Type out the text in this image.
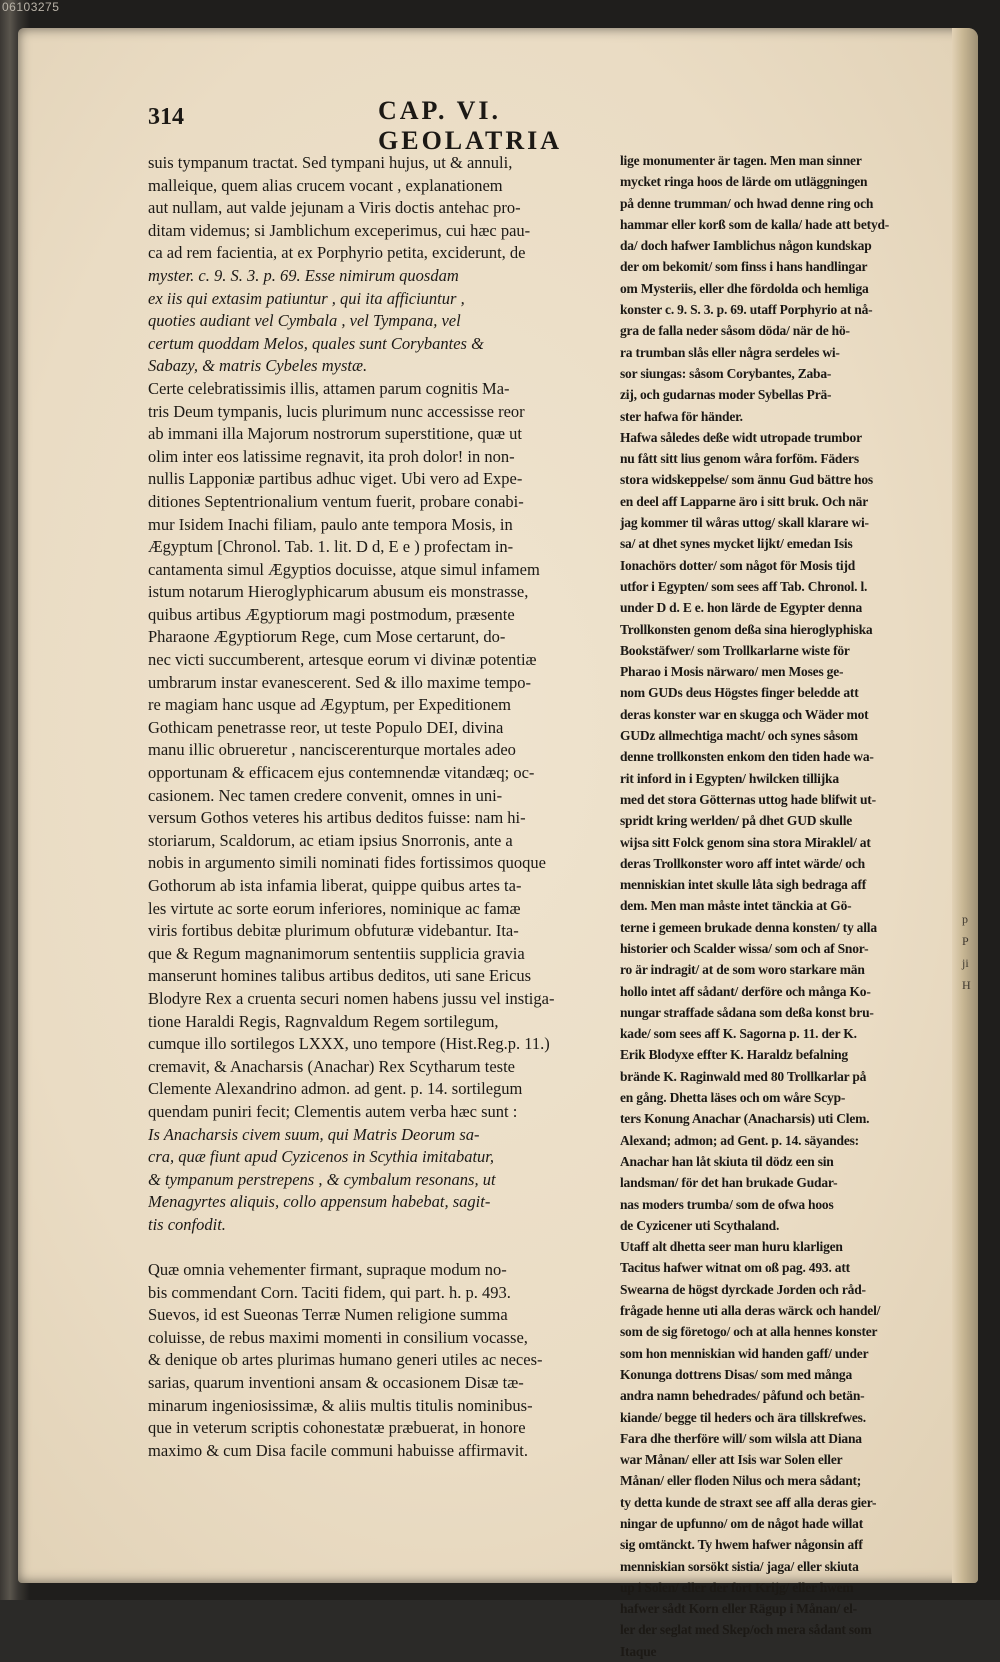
06103275
p
P
ji
H
314	CAP. VI. GEOLATRIA
suis tympanum tractat. Sed tympani hujus, ut & annuli,
malleique, quem alias crucem vocant , explanationem
aut nullam, aut valde jejunam a Viris doctis antehac pro-
ditam videmus; si Jamblichum exceperimus, cui hæc pau-
ca ad rem facientia, at ex Porphyrio petita, exciderunt, de
myster. c. 9. S. 3. p. 69. Esse nimirum quosdam
ex iis qui extasim patiuntur , qui ita afficiuntur ,
quoties audiant vel Cymbala , vel Tympana, vel
certum quoddam Melos, quales sunt Corybantes &
Sabazy, & matris Cybeles mystæ.
Certe celebratissimis illis, attamen parum cognitis Ma-
tris Deum tympanis, lucis plurimum nunc accessisse reor
ab immani illa Majorum nostrorum superstitione, quæ ut
olim inter eos latissime regnavit, ita proh dolor! in non-
nullis Lapponiæ partibus adhuc viget. Ubi vero ad Expe-
ditiones Septentrionalium ventum fuerit, probare conabi-
mur Isidem Inachi filiam, paulo ante tempora Mosis, in
Ægyptum [Chronol. Tab. 1. lit. D d, E e ) profectam in-
cantamenta simul Ægyptios docuisse, atque simul infamem
istum notarum Hieroglyphicarum abusum eis monstrasse,
quibus artibus Ægyptiorum magi postmodum, præsente
Pharaone Ægyptiorum Rege, cum Mose certarunt, do-
nec victi succumberent, artesque eorum vi divinæ potentiæ
umbrarum instar evanescerent. Sed & illo maxime tempo-
re magiam hanc usque ad Ægyptum, per Expeditionem
Gothicam penetrasse reor, ut teste Populo DEI, divina
manu illic obrueretur , nanciscerenturque mortales adeo
opportunam & efficacem ejus contemnendæ vitandæq; oc-
casionem. Nec tamen credere convenit, omnes in uni-
versum Gothos veteres his artibus deditos fuisse: nam hi-
storiarum, Scaldorum, ac etiam ipsius Snorronis, ante a
nobis in argumento simili nominati fides fortissimos quoque
Gothorum ab ista infamia liberat, quippe quibus artes ta-
les virtute ac sorte eorum inferiores, nominique ac famæ
viris fortibus debitæ plurimum obfuturæ videbantur. Ita-
que & Regum magnanimorum sententiis supplicia gravia
manserunt homines talibus artibus deditos, uti sane Ericus
Blodyre Rex a cruenta securi nomen habens jussu vel instiga-
tione Haraldi Regis, Ragnvaldum Regem sortilegum,
cumque illo sortilegos LXXX, uno tempore (Hist.Reg.p. 11.)
cremavit, & Anacharsis (Anachar) Rex Scytharum teste
Clemente Alexandrino admon. ad gent. p. 14. sortilegum
quendam puniri fecit; Clementis autem verba hæc sunt :
Is Anacharsis civem suum, qui Matris Deorum sa-
cra, quæ fiunt apud Cyzicenos in Scythia imitabatur,
& tympanum perstrepens , & cymbalum resonans, ut
Menagyrtes aliquis, collo appensum habebat, sagit-
tis confodit.
Quæ omnia vehementer firmant, supraque modum no-
bis commendant Corn. Taciti fidem, qui part. h. p. 493.
Suevos, id est Sueonas Terræ Numen religione summa
coluisse, de rebus maximi momenti in consilium vocasse,
& denique ob artes plurimas humano generi utiles ac neces-
sarias, quarum inventioni ansam & occasionem Disæ tæ-
minarum ingeniosissimæ, & aliis multis titulis nominibus-
que in veterum scriptis cohonestatæ præbuerat, in honore
maximo & cum Disa facile communi habuisse affirmavit.
lige monumenter är tagen. Men man sinner
mycket ringa hoos de lärde om utläggningen
på denne trumman/ och hwad denne ring och
hammar eller korß som de kalla/ hade att betyd-
da/ doch hafwer Iamblichus någon kundskap
der om bekomit/ som finss i hans handlingar
om Mysteriis, eller dhe fördolda och hemliga
konster c. 9. S. 3. p. 69. utaff Porphyrio at nå-
gra de falla neder såsom döda/ när de hö-
ra trumban slås eller några serdeles wi-
sor siungas: såsom Corybantes, Zaba-
zij, och gudarnas moder Sybellas Prä-
ster hafwa för händer.
Hafwa således deße widt utropade trumbor
nu fått sitt lius genom wåra forföm. Fäders
stora widskeppelse/ som ännu Gud bättre hos
en deel aff Lapparne äro i sitt bruk. Och när
jag kommer til wåras uttog/ skall klarare wi-
sa/ at dhet synes mycket lijkt/ emedan Isis
Ionachörs dotter/ som något för Mosis tijd
utfor i Egypten/ som sees aff Tab. Chronol. l.
under D d. E e. hon lärde de Egypter denna
Trollkonsten genom deßa sina hieroglyphiska
Bookstäfwer/ som Trollkarlarne wiste för
Pharao i Mosis närwaro/ men Moses ge-
nom GUDs deus Högstes finger beledde att
deras konster war en skugga och Wäder mot
GUDz allmechtiga macht/ och synes såsom
denne trollkonsten enkom den tiden hade wa-
rit inford in i Egypten/ hwilcken tillijka
med det stora Götternas uttog hade blifwit ut-
spridt kring werlden/ på dhet GUD skulle
wijsa sitt Folck genom sina stora Miraklel/ at
deras Trollkonster woro aff intet wärde/ och
menniskian intet skulle låta sigh bedraga aff
dem. Men man måste intet tänckia at Gö-
terne i gemeen brukade denna konsten/ ty alla
historier och Scalder wissa/ som och af Snor-
ro är indragit/ at de som woro starkare män
hollo intet aff sådant/ derföre och många Ko-
nungar straffade sådana som deßa konst bru-
kade/ som sees aff K. Sagorna p. 11. der K.
Erik Blodyxe effter K. Haraldz befalning
brände K. Raginwald med 80 Trollkarlar på
en gång. Dhetta läses och om wåre Scyp-
ters Konung Anachar (Anacharsis) uti Clem.
Alexand; admon; ad Gent. p. 14. säyandes:
Anachar han låt skiuta til dödz een sin
landsman/ för det han brukade Gudar-
nas moders trumba/ som de ofwa hoos
de Cyzicener uti Scythaland.
Utaff alt dhetta seer man huru klarligen
Tacitus hafwer witnat om oß pag. 493. att
Swearna de högst dyrckade Jorden och råd-
frågade henne uti alla deras wärck och handel/
som de sig företogo/ och at alla hennes konster
som hon menniskian wid handen gaff/ under
Konunga dottrens Disas/ som med många
andra namn behedrades/ påfund och betän-
kiande/ begge til heders och ära tillskrefwes.
Fara dhe therföre will/ som wilsla att Diana
war Månan/ eller att Isis war Solen eller
Månan/ eller floden Nilus och mera sådant;
ty detta kunde de straxt see aff alla deras gier-
ningar de upfunno/ om de något hade willat
sig omtänckt. Ty hwem hafwer någonsin aff
menniskian sorsökt sistia/ jaga/ eller skiuta
up i Solen/ eller der fört Krijg/ eller hwem
hafwer sådt Korn eller Rägup i Månan/ el-
ler der seglat med Skep/och mera sådant som
Itaque
